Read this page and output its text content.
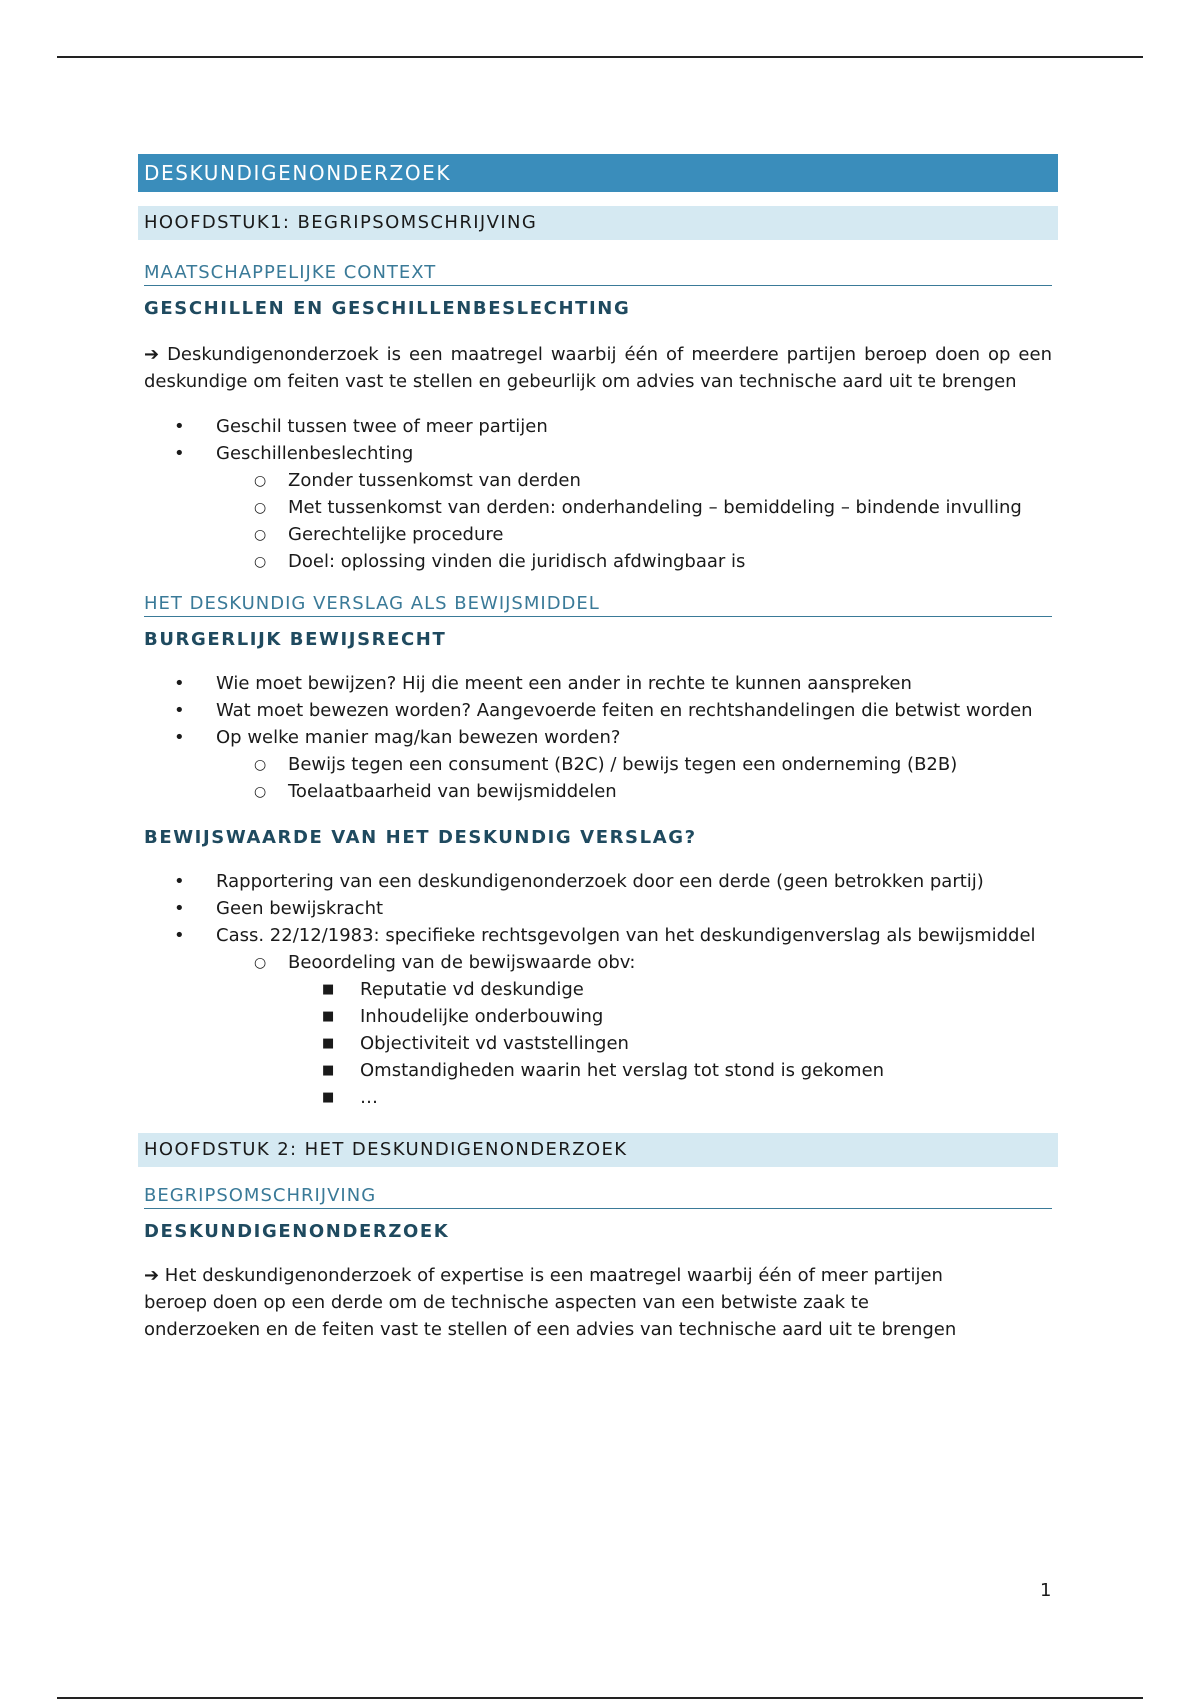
DESKUNDIGENONDERZOEK
HOOFDSTUK1: BEGRIPSOMSCHRIJVING
MAATSCHAPPELIJKE CONTEXT
GESCHILLEN EN GESCHILLENBESLECHTING
➔ Deskundigenonderzoek is een maatregel waarbij één of meerdere partijen beroep doen op een deskundige om feiten vast te stellen en gebeurlijk om advies van technische aard uit te brengen
• Geschil tussen twee of meer partijen
• Geschillenbeslechting
○ Zonder tussenkomst van derden
○ Met tussenkomst van derden: onderhandeling – bemiddeling – bindende invulling
○ Gerechtelijke procedure
○ Doel: oplossing vinden die juridisch afdwingbaar is
HET DESKUNDIG VERSLAG ALS BEWIJSMIDDEL
BURGERLIJK BEWIJSRECHT
• Wie moet bewijzen? Hij die meent een ander in rechte te kunnen aanspreken
• Wat moet bewezen worden? Aangevoerde feiten en rechtshandelingen die betwist worden
• Op welke manier mag/kan bewezen worden?
○ Bewijs tegen een consument (B2C) / bewijs tegen een onderneming (B2B)
○ Toelaatbaarheid van bewijsmiddelen
BEWIJSWAARDE VAN HET DESKUNDIG VERSLAG?
• Rapportering van een deskundigenonderzoek door een derde (geen betrokken partij)
• Geen bewijskracht
• Cass. 22/12/1983: specifieke rechtsgevolgen van het deskundigenverslag als bewijsmiddel
○ Beoordeling van de bewijswaarde obv:
■ Reputatie vd deskundige
■ Inhoudelijke onderbouwing
■ Objectiviteit vd vaststellingen
■ Omstandigheden waarin het verslag tot stond is gekomen
■ …
HOOFDSTUK 2: HET DESKUNDIGENONDERZOEK
BEGRIPSOMSCHRIJVING
DESKUNDIGENONDERZOEK
➔ Het deskundigenonderzoek of expertise is een maatregel waarbij één of meer partijen
beroep doen op een derde om de technische aspecten van een betwiste zaak te
onderzoeken en de feiten vast te stellen of een advies van technische aard uit te brengen
1
